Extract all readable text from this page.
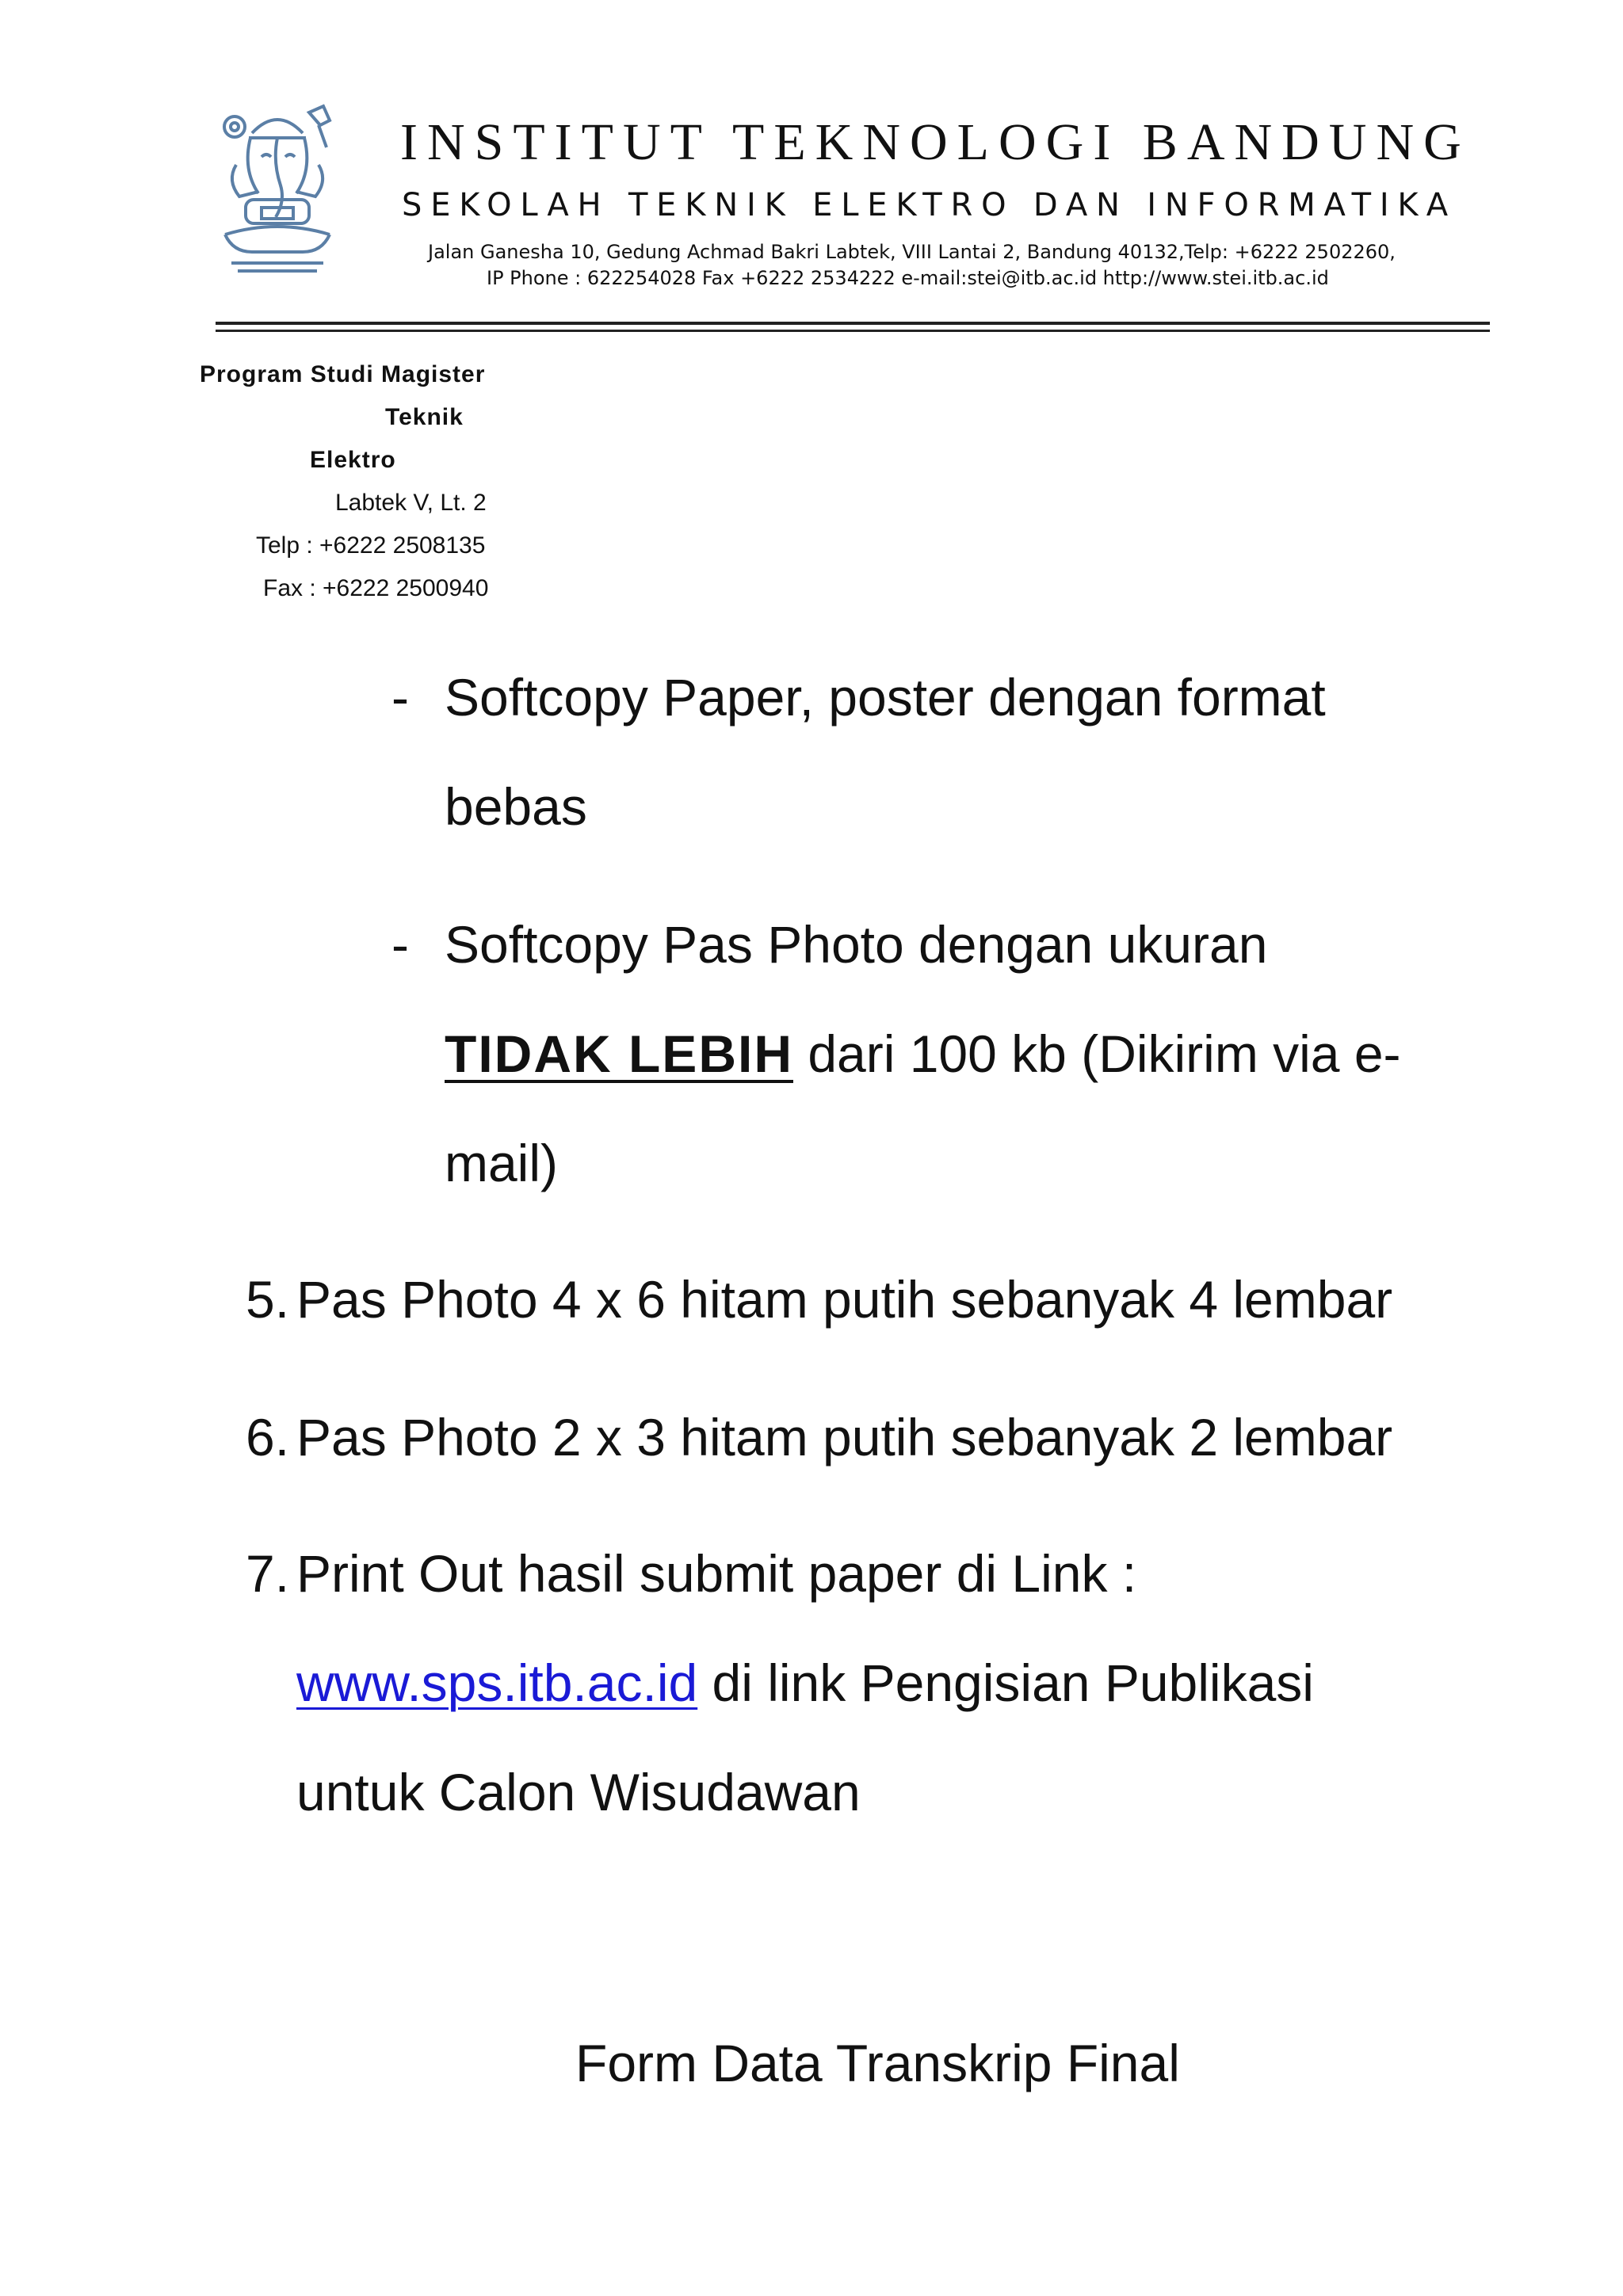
INSTITUT TEKNOLOGI BANDUNG
SEKOLAH TEKNIK ELEKTRO DAN INFORMATIKA
Jalan Ganesha 10, Gedung Achmad Bakri Labtek, VIII Lantai 2, Bandung 40132,Telp: +6222 2502260,
IP Phone : 622254028 Fax +6222 2534222 e-mail:stei@itb.ac.id http://www.stei.itb.ac.id
Program Studi Magister
Teknik
Elektro
Labtek V, Lt. 2
Telp : +6222 2508135
Fax : +6222 2500940
- Softcopy Paper, poster dengan format
bebas
- Softcopy Pas Photo dengan ukuran
TIDAK LEBIH dari 100 kb (Dikirim via e-
mail)
5. Pas Photo 4 x 6 hitam putih sebanyak 4 lembar
6. Pas Photo 2 x 3 hitam putih sebanyak 2 lembar
7. Print Out hasil submit paper di Link :
www.sps.itb.ac.id di link Pengisian Publikasi
untuk Calon Wisudawan
Form Data Transkrip Final
